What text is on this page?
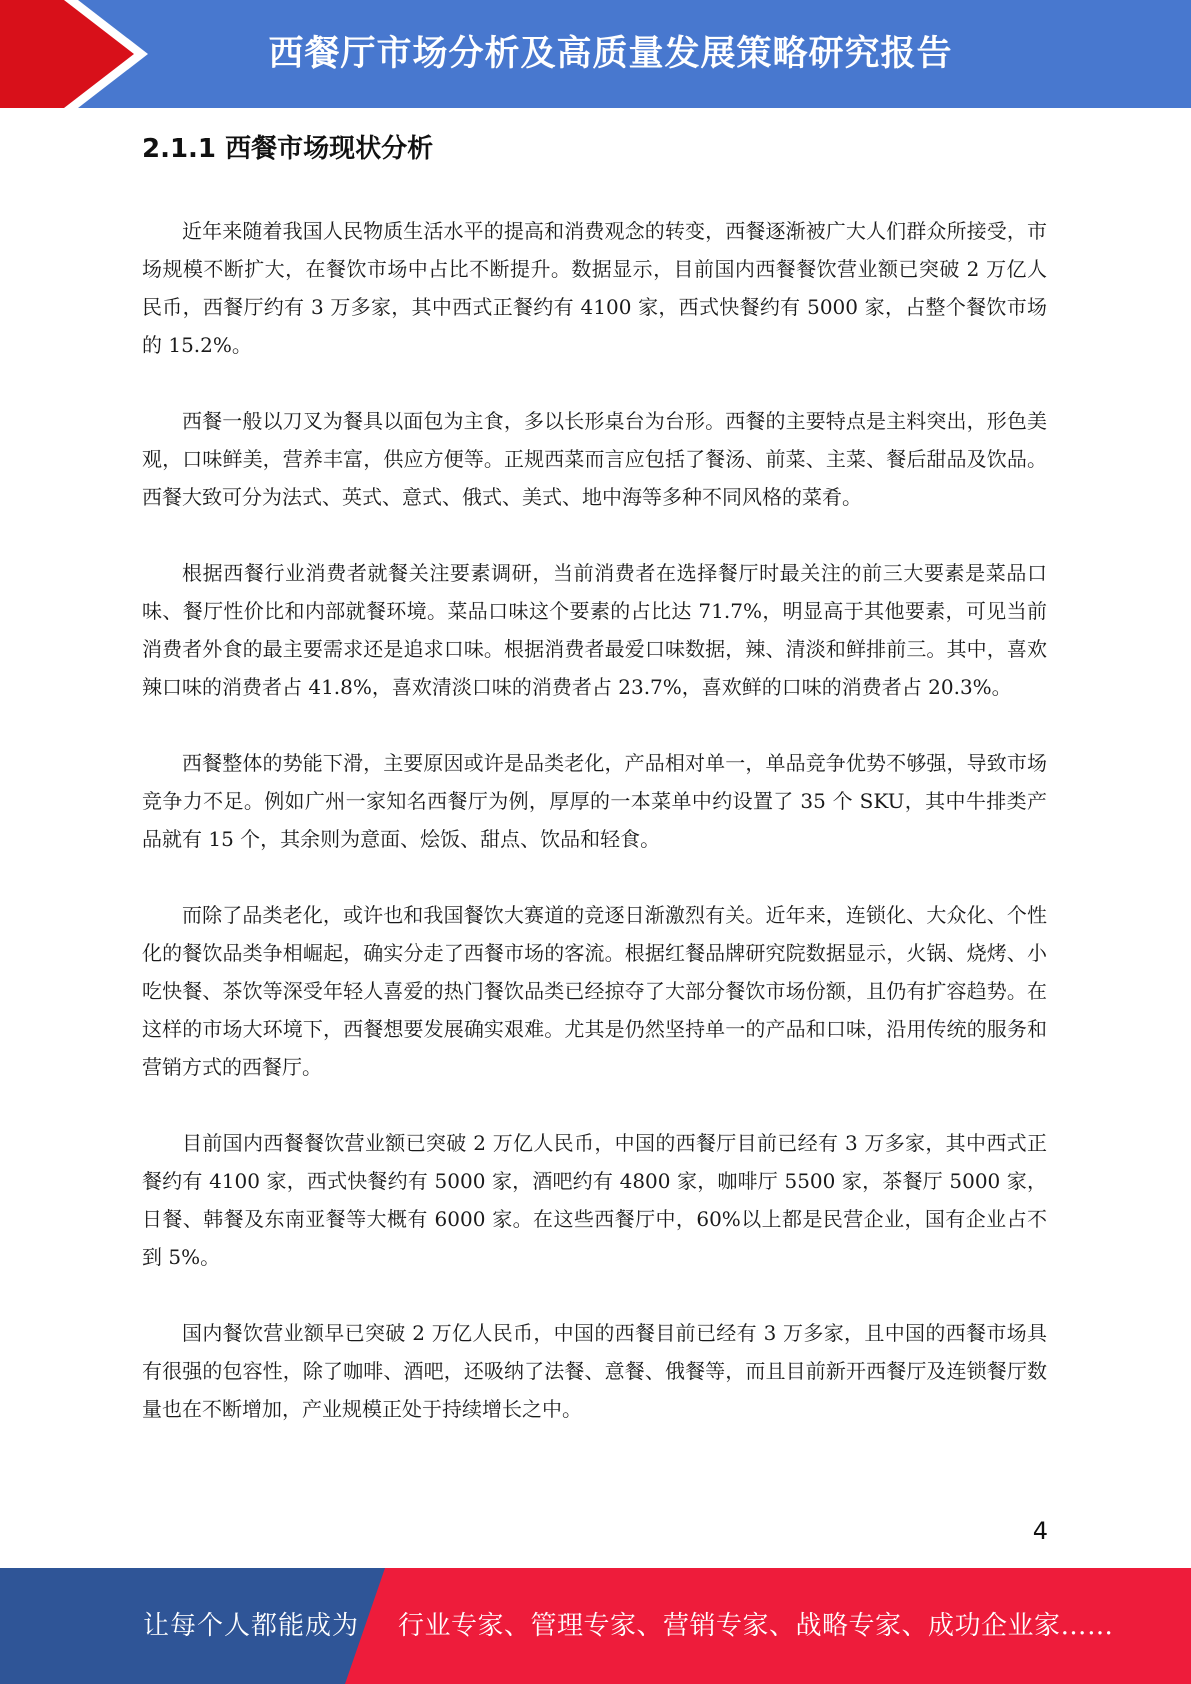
西餐厅市场分析及高质量发展策略研究报告
2.1.1 西餐市场现状分析

近年来随着我国人民物质生活水平的提高和消费观念的转变，西餐逐渐被广大人们群众所接受，市场规模不断扩大，在餐饮市场中占比不断提升。数据显示，目前国内西餐餐饮营业额已突破 2 万亿人民币，西餐厅约有 3 万多家，其中西式正餐约有 4100 家，西式快餐约有 5000 家，占整个餐饮市场的 15.2%。

西餐一般以刀叉为餐具以面包为主食，多以长形桌台为台形。西餐的主要特点是主料突出，形色美观，口味鲜美，营养丰富，供应方便等。正规西菜而言应包括了餐汤、前菜、主菜、餐后甜品及饮品。西餐大致可分为法式、英式、意式、俄式、美式、地中海等多种不同风格的菜肴。

根据西餐行业消费者就餐关注要素调研，当前消费者在选择餐厅时最关注的前三大要素是菜品口味、餐厅性价比和内部就餐环境。菜品口味这个要素的占比达 71.7%，明显高于其他要素，可见当前消费者外食的最主要需求还是追求口味。根据消费者最爱口味数据，辣、清淡和鲜排前三。其中，喜欢辣口味的消费者占 41.8%，喜欢清淡口味的消费者占 23.7%，喜欢鲜的口味的消费者占 20.3%。

西餐整体的势能下滑，主要原因或许是品类老化，产品相对单一，单品竞争优势不够强，导致市场竞争力不足。例如广州一家知名西餐厅为例，厚厚的一本菜单中约设置了 35 个 SKU，其中牛排类产品就有 15 个，其余则为意面、烩饭、甜点、饮品和轻食。

而除了品类老化，或许也和我国餐饮大赛道的竞逐日渐激烈有关。近年来，连锁化、大众化、个性化的餐饮品类争相崛起，确实分走了西餐市场的客流。根据红餐品牌研究院数据显示，火锅、烧烤、小吃快餐、茶饮等深受年轻人喜爱的热门餐饮品类已经掠夺了大部分餐饮市场份额，且仍有扩容趋势。在这样的市场大环境下，西餐想要发展确实艰难。尤其是仍然坚持单一的产品和口味，沿用传统的服务和营销方式的西餐厅。

目前国内西餐餐饮营业额已突破 2 万亿人民币，中国的西餐厅目前已经有 3 万多家，其中西式正餐约有 4100 家，西式快餐约有 5000 家，酒吧约有 4800 家，咖啡厅 5500 家，茶餐厅 5000 家，日餐、韩餐及东南亚餐等大概有 6000 家。在这些西餐厅中，60%以上都是民营企业，国有企业占不到 5%。

国内餐饮营业额早已突破 2 万亿人民币，中国的西餐目前已经有 3 万多家，且中国的西餐市场具有很强的包容性，除了咖啡、酒吧，还吸纳了法餐、意餐、俄餐等，而且目前新开西餐厅及连锁餐厅数量也在不断增加，产业规模正处于持续增长之中。

4
让每个人都能成为 行业专家、管理专家、营销专家、战略专家、成功企业家……
